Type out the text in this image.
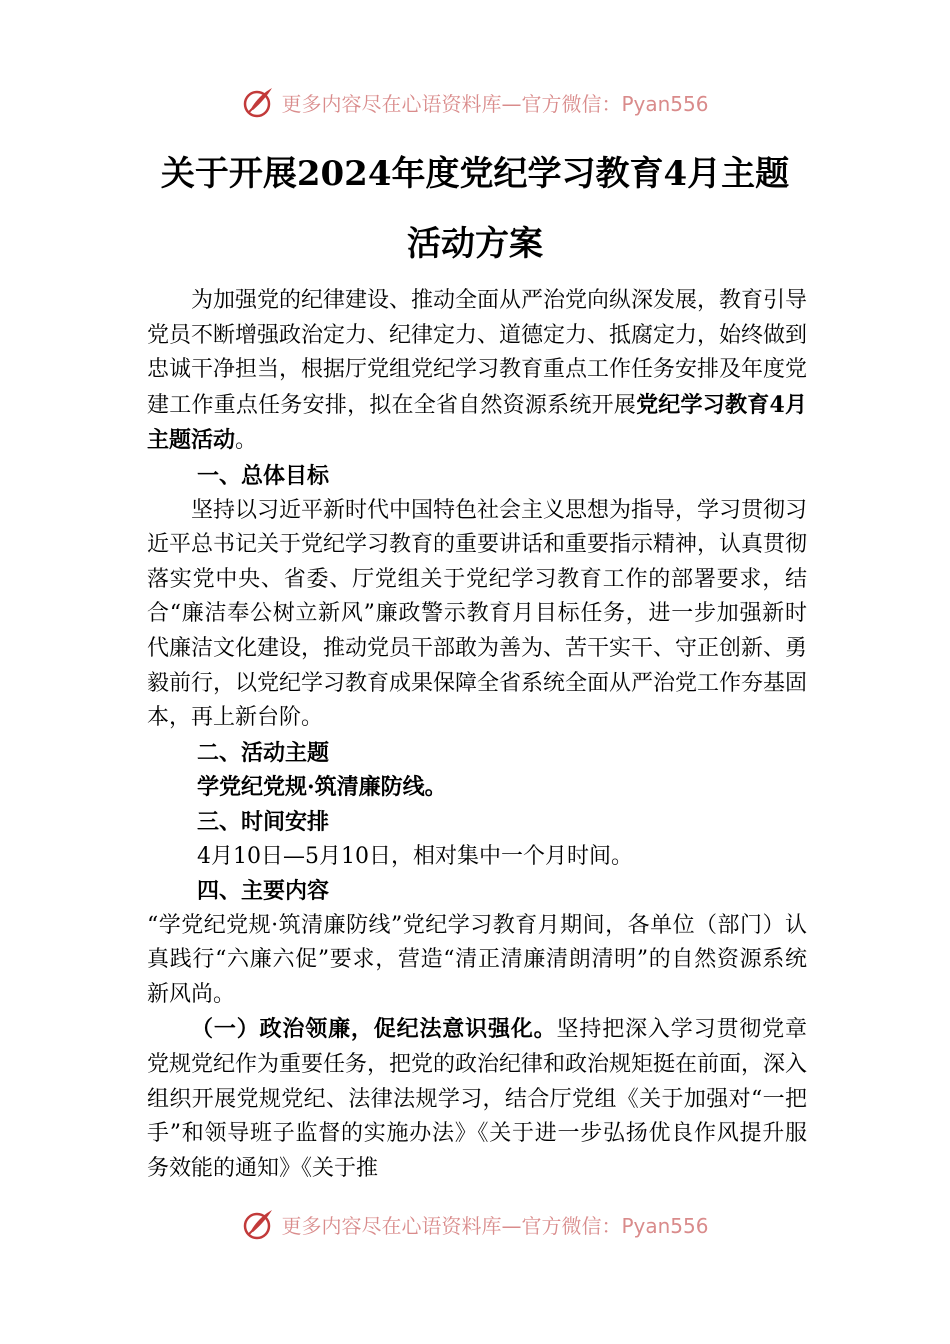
更多内容尽在心语资料库—官方微信：Pyan556
关于开展2024年度党纪学习教育4月主题
活动方案

为加强党的纪律建设、推动全面从严治党向纵深发展，教育引导党员不断增强政治定力、纪律定力、道德定力、抵腐定力，始终做到忠诚干净担当，根据厅党组党纪学习教育重点工作任务安排及年度党建工作重点任务安排，拟在全省自然资源系统开展党纪学习教育4月主题活动。

一、总体目标

坚持以习近平新时代中国特色社会主义思想为指导，学习贯彻习近平总书记关于党纪学习教育的重要讲话和重要指示精神，认真贯彻落实党中央、省委、厅党组关于党纪学习教育工作的部署要求，结合“廉洁奉公树立新风”廉政警示教育月目标任务，进一步加强新时代廉洁文化建设，推动党员干部敢为善为、苦干实干、守正创新、勇毅前行，以党纪学习教育成果保障全省系统全面从严治党工作夯基固本，再上新台阶。

二、活动主题

学党纪党规·筑清廉防线。

三、时间安排

4月10日—5月10日，相对集中一个月时间。

四、主要内容

“学党纪党规·筑清廉防线”党纪学习教育月期间，各单位（部门）认真践行“六廉六促”要求，营造“清正清廉清朗清明”的自然资源系统新风尚。

（一）政治领廉，促纪法意识强化。坚持把深入学习贯彻党章党规党纪作为重要任务，把党的政治纪律和政治规矩挺在前面，深入组织开展党规党纪、法律法规学习，结合厅党组《关于加强对“一把手”和领导班子监督的实施办法》《关于进一步弘扬优良作风提升服务效能的通知》《关于推

更多内容尽在心语资料库—官方微信：Pyan556
